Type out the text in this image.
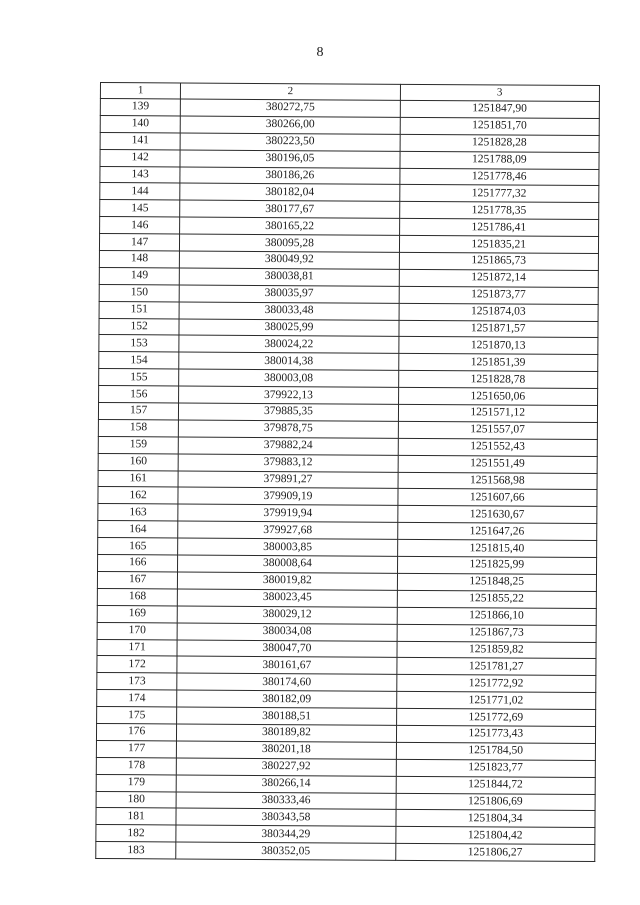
8
1	2	3
139	380272,75	1251847,90
140	380266,00	1251851,70
141	380223,50	1251828,28
142	380196,05	1251788,09
143	380186,26	1251778,46
144	380182,04	1251777,32
145	380177,67	1251778,35
146	380165,22	1251786,41
147	380095,28	1251835,21
148	380049,92	1251865,73
149	380038,81	1251872,14
150	380035,97	1251873,77
151	380033,48	1251874,03
152	380025,99	1251871,57
153	380024,22	1251870,13
154	380014,38	1251851,39
155	380003,08	1251828,78
156	379922,13	1251650,06
157	379885,35	1251571,12
158	379878,75	1251557,07
159	379882,24	1251552,43
160	379883,12	1251551,49
161	379891,27	1251568,98
162	379909,19	1251607,66
163	379919,94	1251630,67
164	379927,68	1251647,26
165	380003,85	1251815,40
166	380008,64	1251825,99
167	380019,82	1251848,25
168	380023,45	1251855,22
169	380029,12	1251866,10
170	380034,08	1251867,73
171	380047,70	1251859,82
172	380161,67	1251781,27
173	380174,60	1251772,92
174	380182,09	1251771,02
175	380188,51	1251772,69
176	380189,82	1251773,43
177	380201,18	1251784,50
178	380227,92	1251823,77
179	380266,14	1251844,72
180	380333,46	1251806,69
181	380343,58	1251804,34
182	380344,29	1251804,42
183	380352,05	1251806,27
